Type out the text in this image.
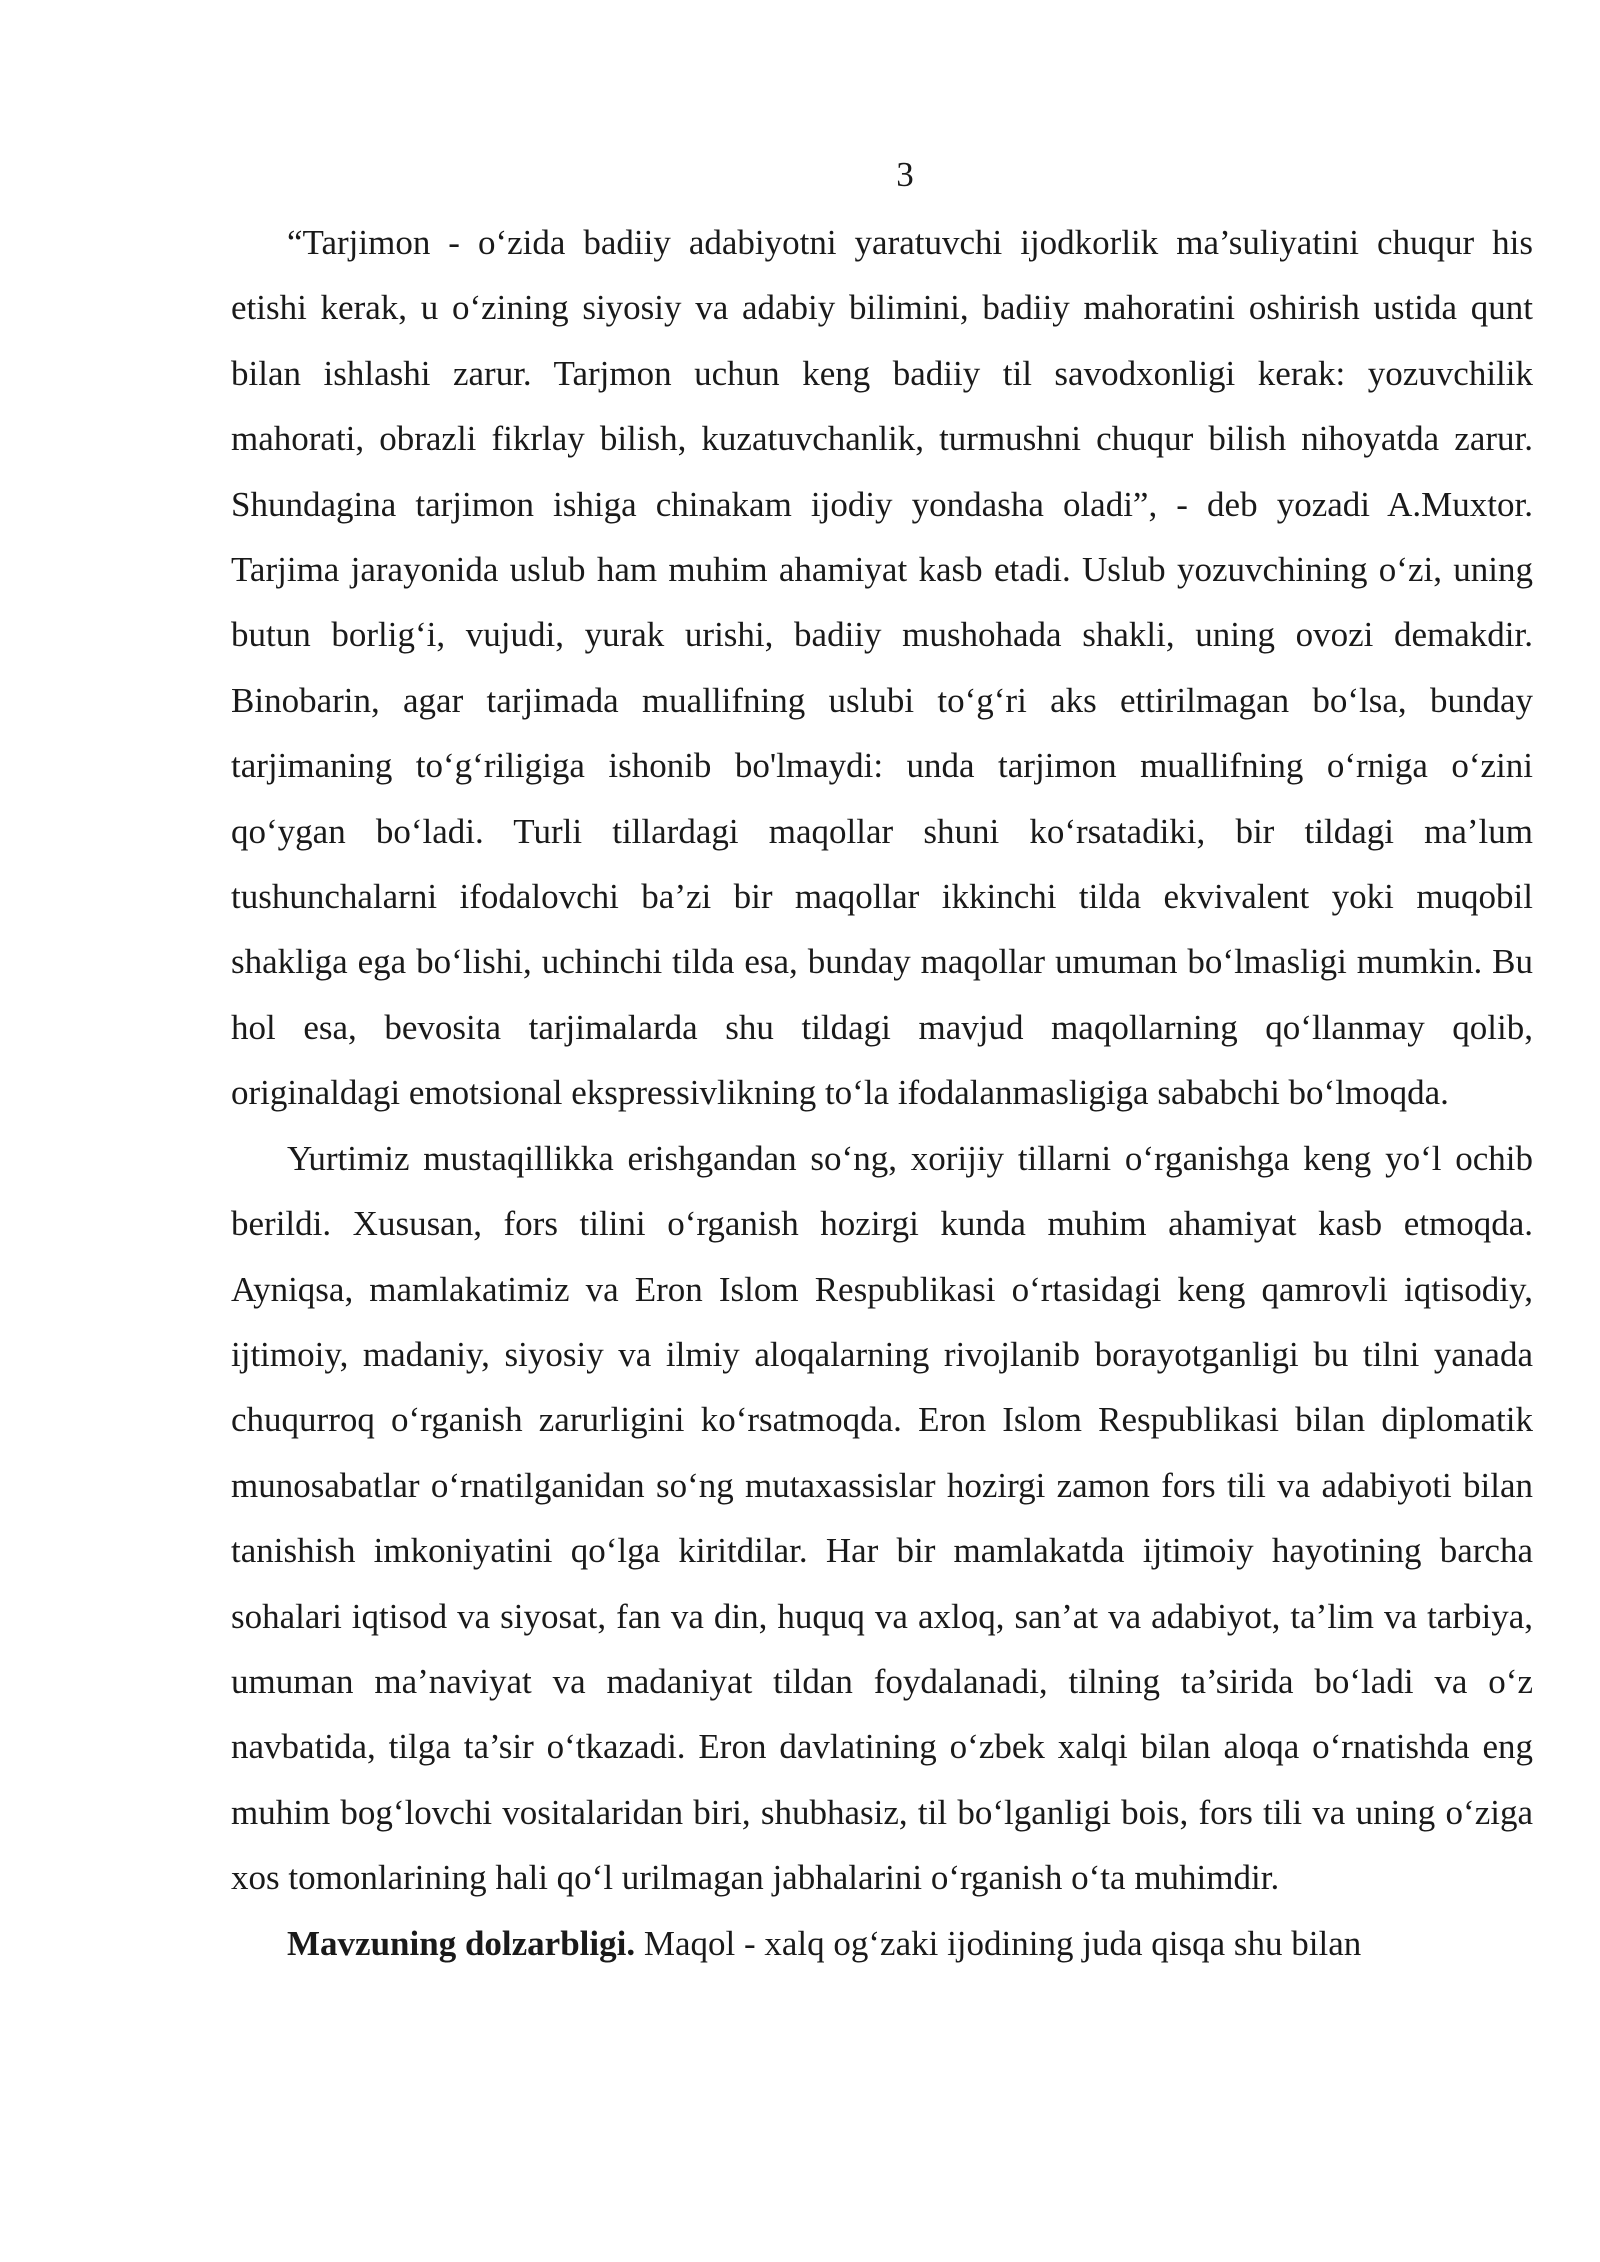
3

“Tarjimon - o‘zida badiiy adabiyotni yaratuvchi ijodkorlik ma’suliyatini chuqur his etishi kerak, u o‘zining siyosiy va adabiy bilimini, badiiy mahoratini oshirish ustida qunt bilan ishlashi zarur. Tarjmon uchun keng badiiy til savodxonligi kerak: yozuvchilik mahorati, obrazli fikrlay bilish, kuzatuvchanlik, turmushni chuqur bilish nihoyatda zarur. Shundagina tarjimon ishiga chinakam ijodiy yondasha oladi”, - deb yozadi A.Muxtor. Tarjima jarayonida uslub ham muhim ahamiyat kasb etadi. Uslub yozuvchining o‘zi, uning butun borlig‘i, vujudi, yurak urishi, badiiy mushohada shakli, uning ovozi demakdir. Binobarin, agar tarjimada muallifning uslubi to‘g‘ri aks ettirilmagan bo‘lsa, bunday tarjimaning to‘g‘riligiga ishonib bo'lmaydi: unda tarjimon muallifning o‘rniga o‘zini qo‘ygan bo‘ladi. Turli tillardagi maqollar shuni ko‘rsatadiki, bir tildagi ma’lum tushunchalarni ifodalovchi ba’zi bir maqollar ikkinchi tilda ekvivalent yoki muqobil shakliga ega bo‘lishi, uchinchi tilda esa, bunday maqollar umuman bo‘lmasligi mumkin. Bu hol esa, bevosita tarjimalarda shu tildagi mavjud maqollarning qo‘llanmay qolib, originaldagi emotsional ekspressivlikning to‘la ifodalanmasligiga sababchi bo‘lmoqda.

Yurtimiz mustaqillikka erishgandan so‘ng, xorijiy tillarni o‘rganishga keng yo‘l ochib berildi. Xususan, fors tilini o‘rganish hozirgi kunda muhim ahamiyat kasb etmoqda. Ayniqsa, mamlakatimiz va Eron Islom Respublikasi o‘rtasidagi keng qamrovli iqtisodiy, ijtimoiy, madaniy, siyosiy va ilmiy aloqalarning rivojlanib borayotganligi bu tilni yanada chuqurroq o‘rganish zarurligini ko‘rsatmoqda. Eron Islom Respublikasi bilan diplomatik munosabatlar o‘rnatilganidan so‘ng mutaxassislar hozirgi zamon fors tili va adabiyoti bilan tanishish imkoniyatini qo‘lga kiritdilar. Har bir mamlakatda ijtimoiy hayotining barcha sohalari iqtisod va siyosat, fan va din, huquq va axloq, san’at va adabiyot, ta’lim va tarbiya, umuman ma’naviyat va madaniyat tildan foydalanadi, tilning ta’sirida bo‘ladi va o‘z navbatida, tilga ta’sir o‘tkazadi. Eron davlatining o‘zbek xalqi bilan aloqa o‘rnatishda eng muhim bog‘lovchi vositalaridan biri, shubhasiz, til bo‘lganligi bois, fors tili va uning o‘ziga xos tomonlarining hali qo‘l urilmagan jabhalarini o‘rganish o‘ta muhimdir.

Mavzuning dolzarbligi. Maqol - xalq og‘zaki ijodining juda qisqa shu bilan
